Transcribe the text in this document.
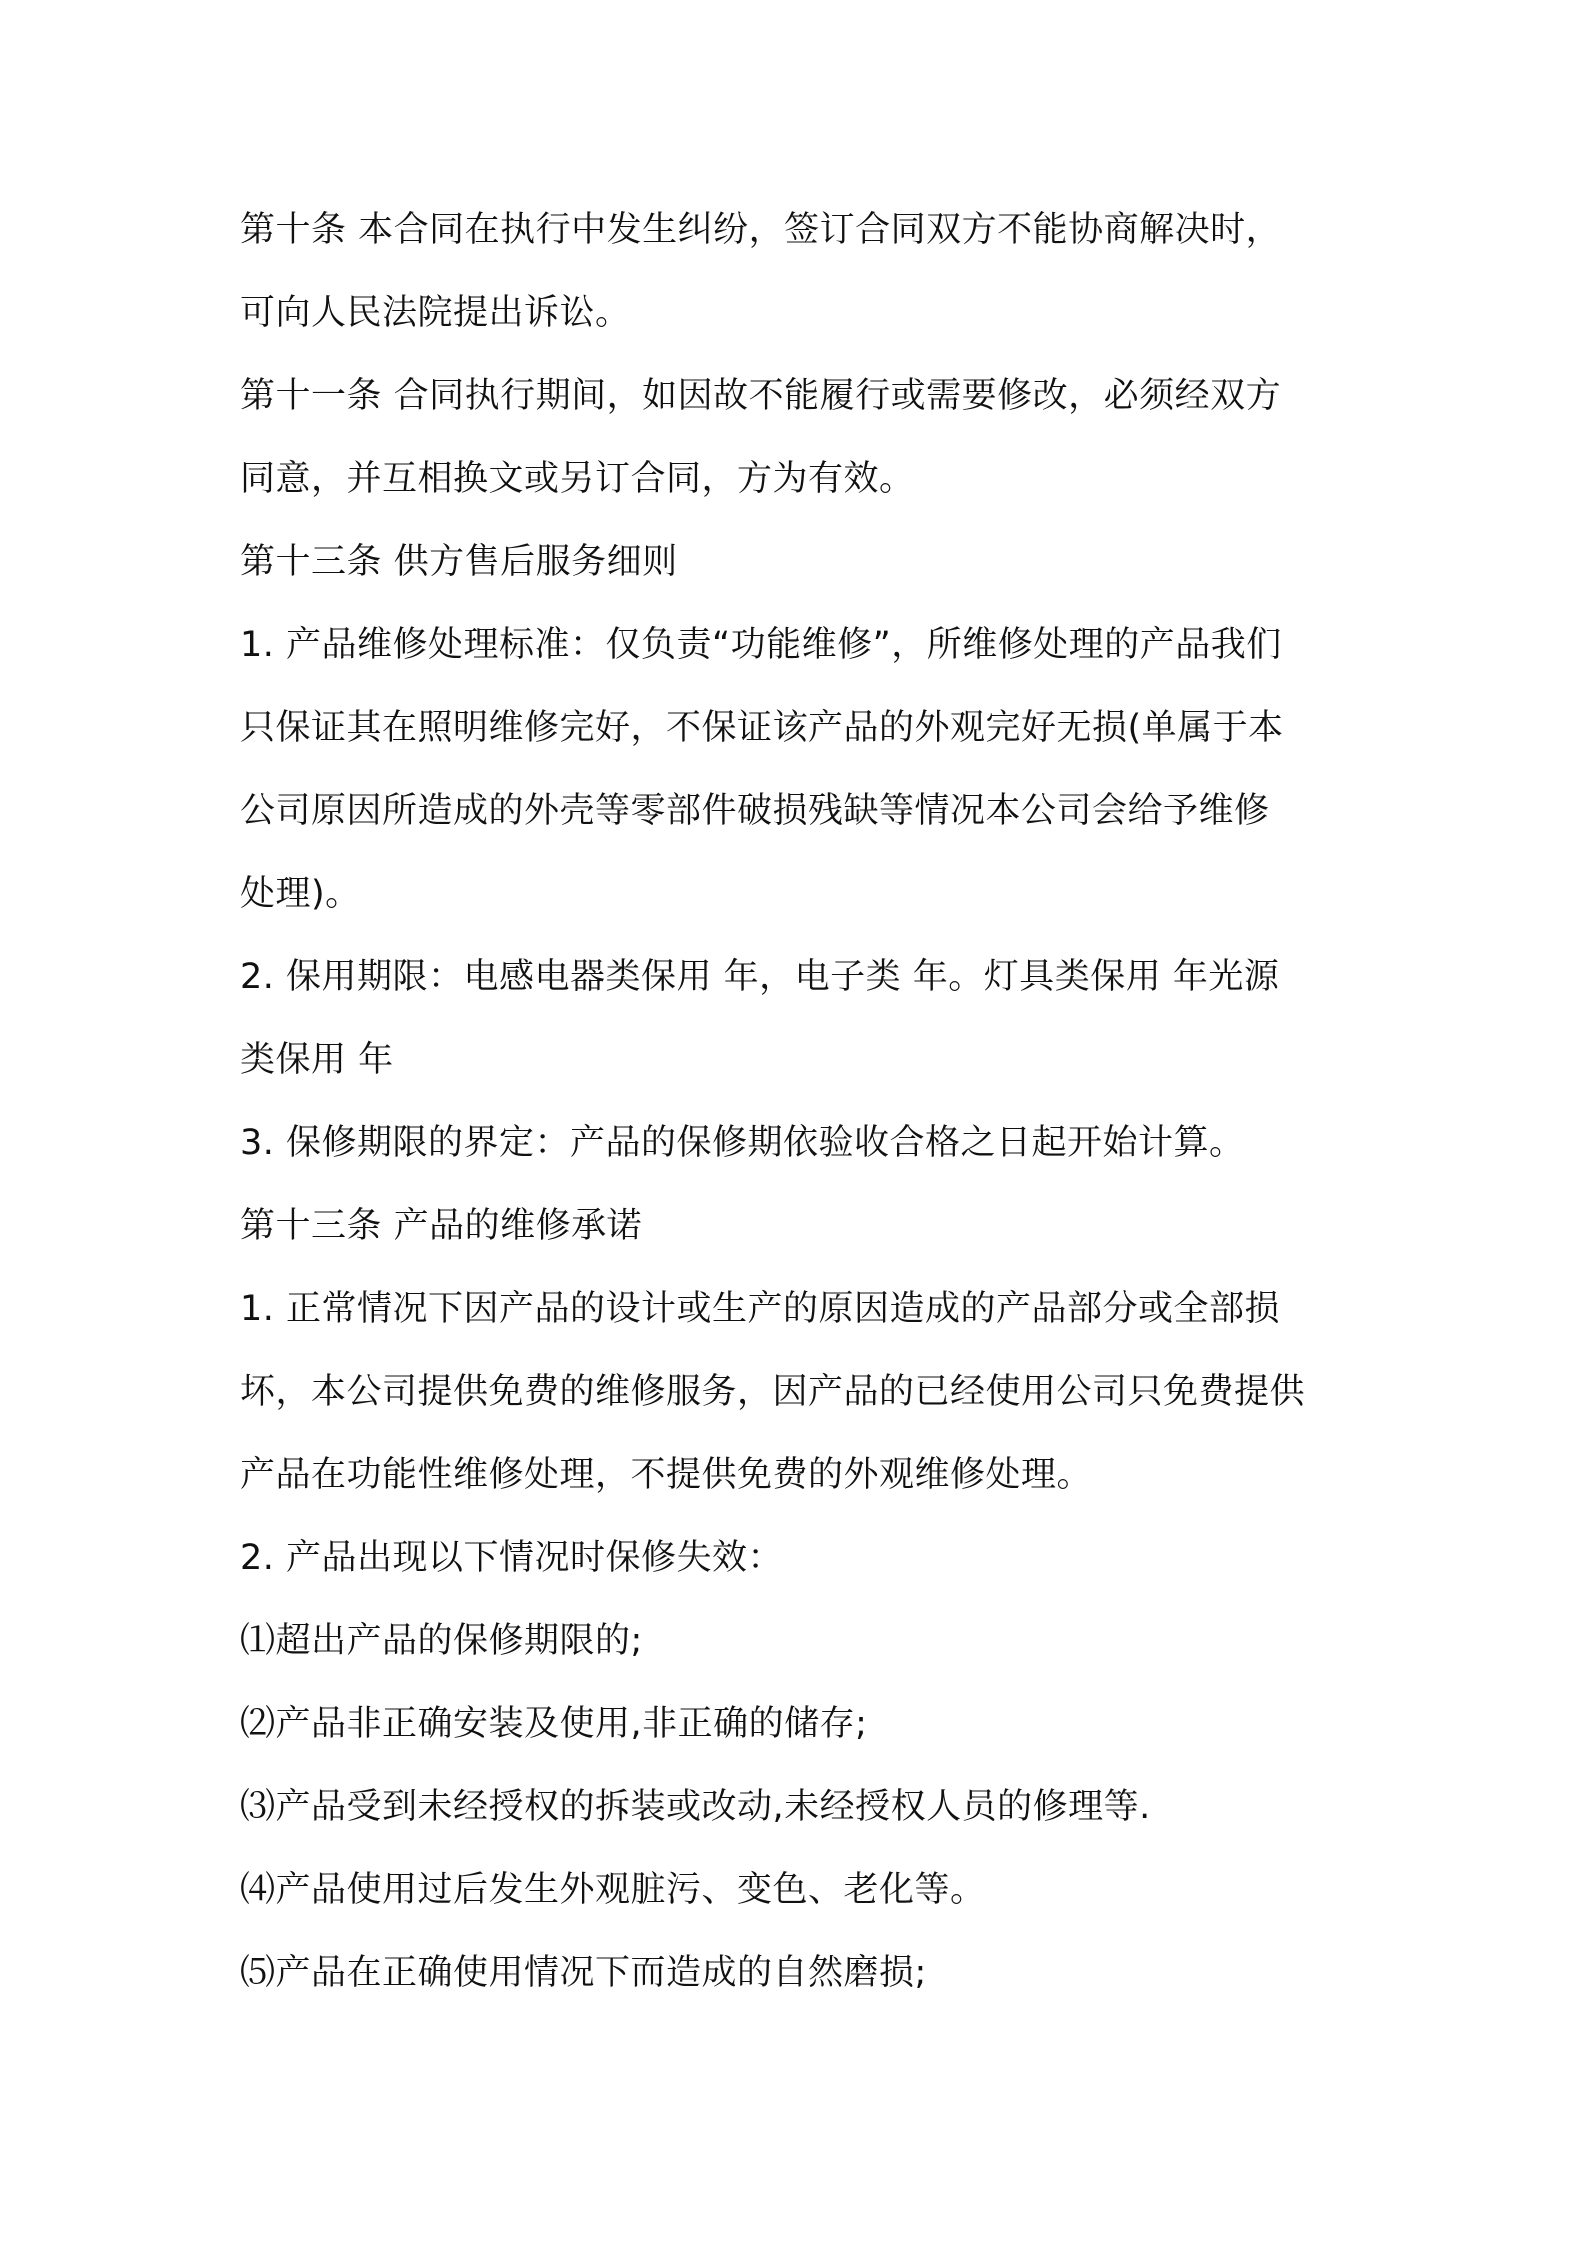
第十条 本合同在执行中发生纠纷，签订合同双方不能协商解决时，
可向人民法院提出诉讼。
第十一条 合同执行期间，如因故不能履行或需要修改，必须经双方
同意，并互相换文或另订合同，方为有效。
第十三条 供方售后服务细则
1. 产品维修处理标准：仅负责“功能维修”，所维修处理的产品我们
只保证其在照明维修完好，不保证该产品的外观完好无损(单属于本
公司原因所造成的外壳等零部件破损残缺等情况本公司会给予维修
处理)。
2. 保用期限：电感电器类保用 年，电子类 年。灯具类保用 年光源
类保用 年
3. 保修期限的界定：产品的保修期依验收合格之日起开始计算。
第十三条 产品的维修承诺
1. 正常情况下因产品的设计或生产的原因造成的产品部分或全部损
坏，本公司提供免费的维修服务，因产品的已经使用公司只免费提供
产品在功能性维修处理，不提供免费的外观维修处理。
2. 产品出现以下情况时保修失效：
⑴超出产品的保修期限的;
⑵产品非正确安装及使用,非正确的储存;
⑶产品受到未经授权的拆装或改动,未经授权人员的修理等.
⑷产品使用过后发生外观脏污、变色、老化等。
⑸产品在正确使用情况下而造成的自然磨损;
